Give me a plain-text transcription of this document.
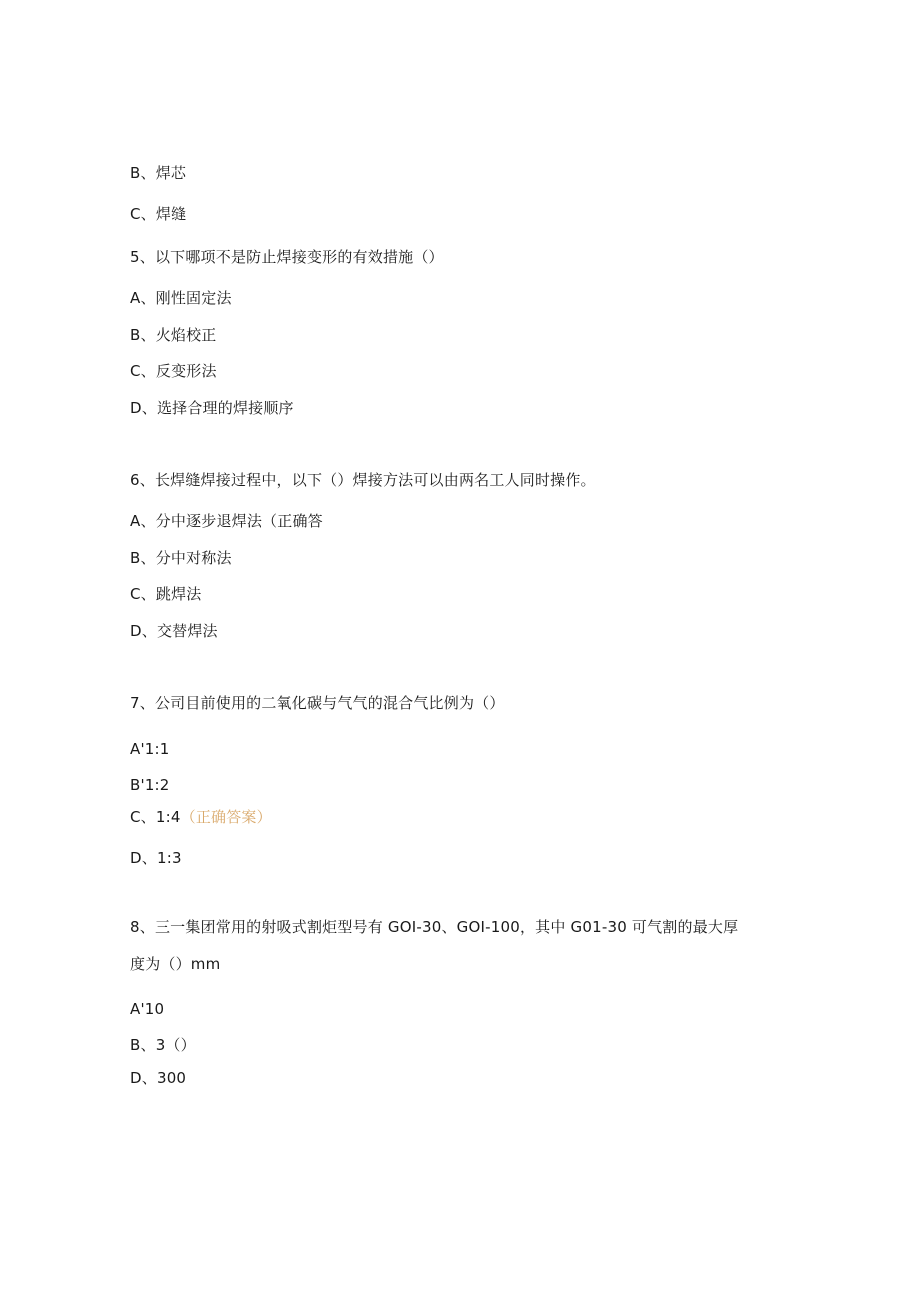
B、焊芯
C、焊缝
5、以下哪项不是防止焊接变形的有效措施（）
A、刚性固定法
B、火焰校正
C、反变形法
D、选择合理的焊接顺序
6、长焊缝焊接过程中，以下（）焊接方法可以由两名工人同时操作。
A、分中逐步退焊法（正确答
B、分中对称法
C、跳焊法
D、交替焊法
7、公司目前使用的二氧化碳与气气的混合气比例为（）
A'1:1
B'1:2
C、1:4（正确答案）
D、1:3
8、三一集团常用的射吸式割炬型号有 GOI-30、GOI-100，其中 G01-30 可气割的最大厚
度为（）mm
A'10
B、3（）
D、300
